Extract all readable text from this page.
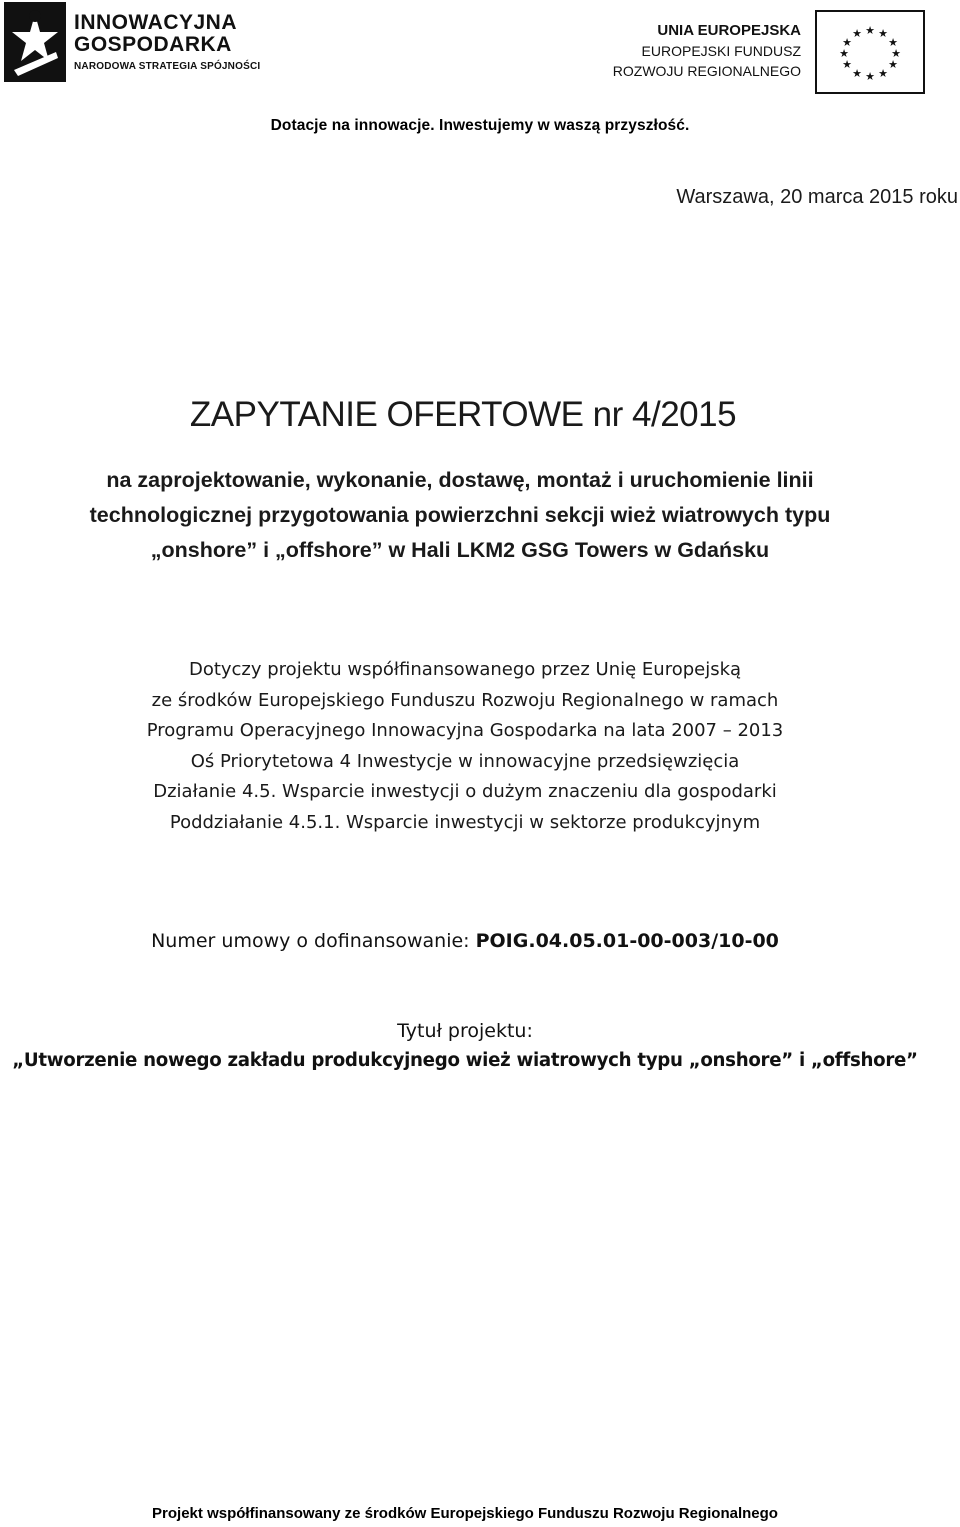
INNOWACYJNA
GOSPODARKA
NARODOWA STRATEGIA SPÓJNOŚCI
UNIA EUROPEJSKA
EUROPEJSKI FUNDUSZ
ROZWOJU REGIONALNEGO
★ ★
★
★
★
★
★
★
★
★
★
★
Dotacje na innowacje. Inwestujemy w waszą przyszłość.
Warszawa, 20 marca 2015 roku
ZAPYTANIE OFERTOWE nr 4/2015
na zaprojektowanie, wykonanie, dostawę, montaż i uruchomienie linii
technologicznej przygotowania powierzchni sekcji wież wiatrowych typu
„onshore” i „offshore” w Hali LKM2 GSG Towers w Gdańsku
Dotyczy projektu współfinansowanego przez Unię Europejską
ze środków Europejskiego Funduszu Rozwoju Regionalnego w ramach
Programu Operacyjnego Innowacyjna Gospodarka na lata 2007 – 2013
Oś Priorytetowa 4 Inwestycje w innowacyjne przedsięwzięcia
Działanie 4.5. Wsparcie inwestycji o dużym znaczeniu dla gospodarki
Poddziałanie 4.5.1. Wsparcie inwestycji w sektorze produkcyjnym
Numer umowy o dofinansowanie: POIG.04.05.01-00-003/10-00
Tytuł projektu:
„Utworzenie nowego zakładu produkcyjnego wież wiatrowych typu „onshore” i „offshore”
Projekt współfinansowany ze środków Europejskiego Funduszu Rozwoju Regionalnego
